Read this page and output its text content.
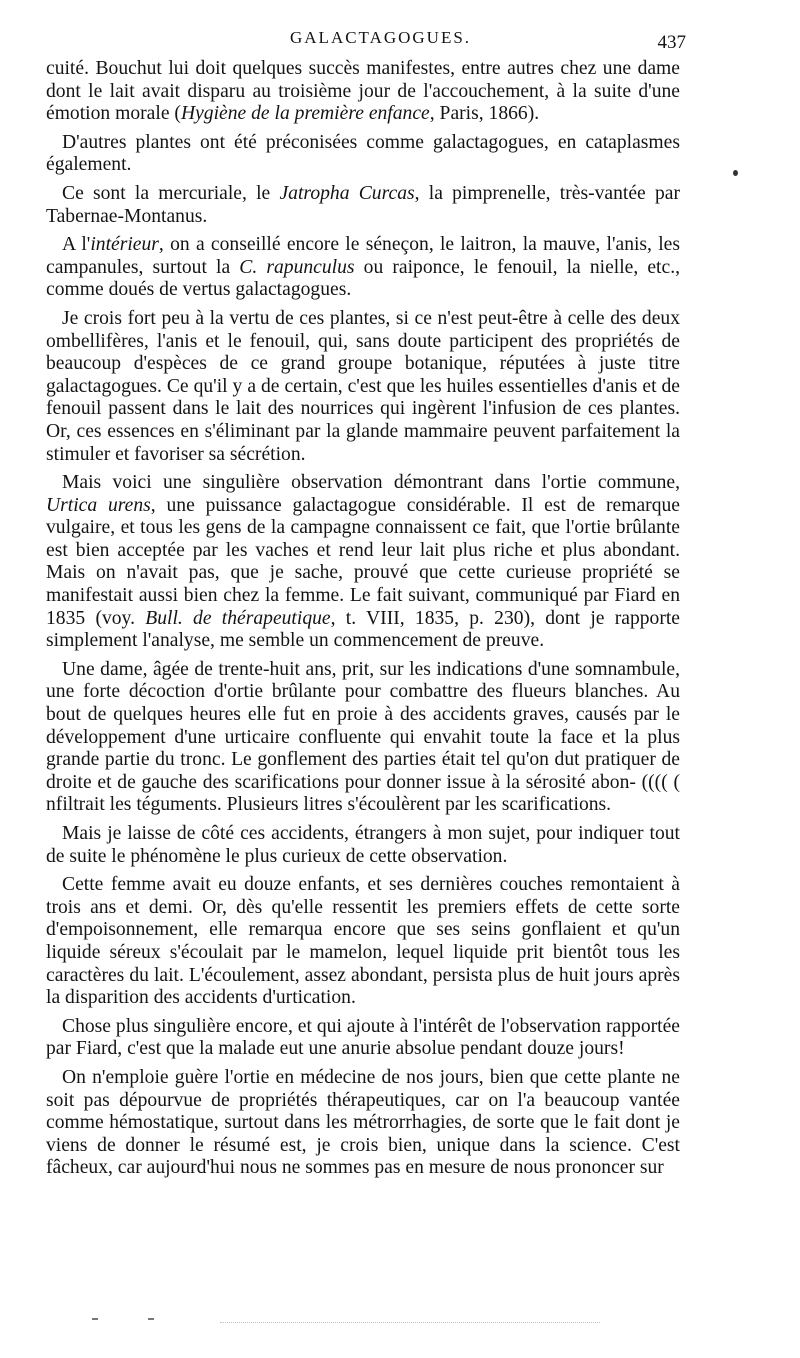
GALACTAGOGUES.	437

cuité. Bouchut lui doit quelques succès manifestes, entre autres chez une dame dont le lait avait disparu au troisième jour de l'accouchement, à la suite d'une émotion morale (Hygiène de la première enfance, Paris, 1866).

D'autres plantes ont été préconisées comme galactagogues, en cataplasmes également.

Ce sont la mercuriale, le Jatropha Curcas, la pimprenelle, très-vantée par Tabernae-Montanus.

A l'intérieur, on a conseillé encore le séneçon, le laitron, la mauve, l'anis, les campanules, surtout la C. rapunculus ou raiponce, le fenouil, la nielle, etc., comme doués de vertus galactagogues.

Je crois fort peu à la vertu de ces plantes, si ce n'est peut-être à celle des deux ombellifères, l'anis et le fenouil, qui, sans doute participent des propriétés de beaucoup d'espèces de ce grand groupe botanique, réputées à juste titre galactagogues. Ce qu'il y a de certain, c'est que les huiles essentielles d'anis et de fenouil passent dans le lait des nourrices qui ingèrent l'infusion de ces plantes. Or, ces essences en s'éliminant par la glande mammaire peuvent parfaitement la stimuler et favoriser sa sécrétion.

Mais voici une singulière observation démontrant dans l'ortie commune, Urtica urens, une puissance galactagogue considérable. Il est de remarque vulgaire, et tous les gens de la campagne connaissent ce fait, que l'ortie brûlante est bien acceptée par les vaches et rend leur lait plus riche et plus abondant. Mais on n'avait pas, que je sache, prouvé que cette curieuse propriété se manifestait aussi bien chez la femme. Le fait suivant, communiqué par Fiard en 1835 (voy. Bull. de thérapeutique, t. VIII, 1835, p. 230), dont je rapporte simplement l'analyse, me semble un commencement de preuve.

Une dame, âgée de trente-huit ans, prit, sur les indications d'une somnambule, une forte décoction d'ortie brûlante pour combattre des flueurs blanches. Au bout de quelques heures elle fut en proie à des accidents graves, causés par le développement d'une urticaire confluente qui envahit toute la face et la plus grande partie du tronc. Le gonflement des parties était tel qu'on dut pratiquer de droite et de gauche des scarifications pour donner issue à la sérosité abon- (((( ( nfiltrait les téguments. Plusieurs litres s'écoulèrent par les scarifications.

Mais je laisse de côté ces accidents, étrangers à mon sujet, pour indiquer tout de suite le phénomène le plus curieux de cette observation.

Cette femme avait eu douze enfants, et ses dernières couches remontaient à trois ans et demi. Or, dès qu'elle ressentit les premiers effets de cette sorte d'empoisonnement, elle remarqua encore que ses seins gonflaient et qu'un liquide séreux s'écoulait par le mamelon, lequel liquide prit bientôt tous les caractères du lait. L'écoulement, assez abondant, persista plus de huit jours après la disparition des accidents d'urtication.

Chose plus singulière encore, et qui ajoute à l'intérêt de l'observation rapportée par Fiard, c'est que la malade eut une anurie absolue pendant douze jours!

On n'emploie guère l'ortie en médecine de nos jours, bien que cette plante ne soit pas dépourvue de propriétés thérapeutiques, car on l'a beaucoup vantée comme hémostatique, surtout dans les métrorrhagies, de sorte que le fait dont je viens de donner le résumé est, je crois bien, unique dans la science. C'est fâcheux, car aujourd'hui nous ne sommes pas en mesure de nous prononcer sur
